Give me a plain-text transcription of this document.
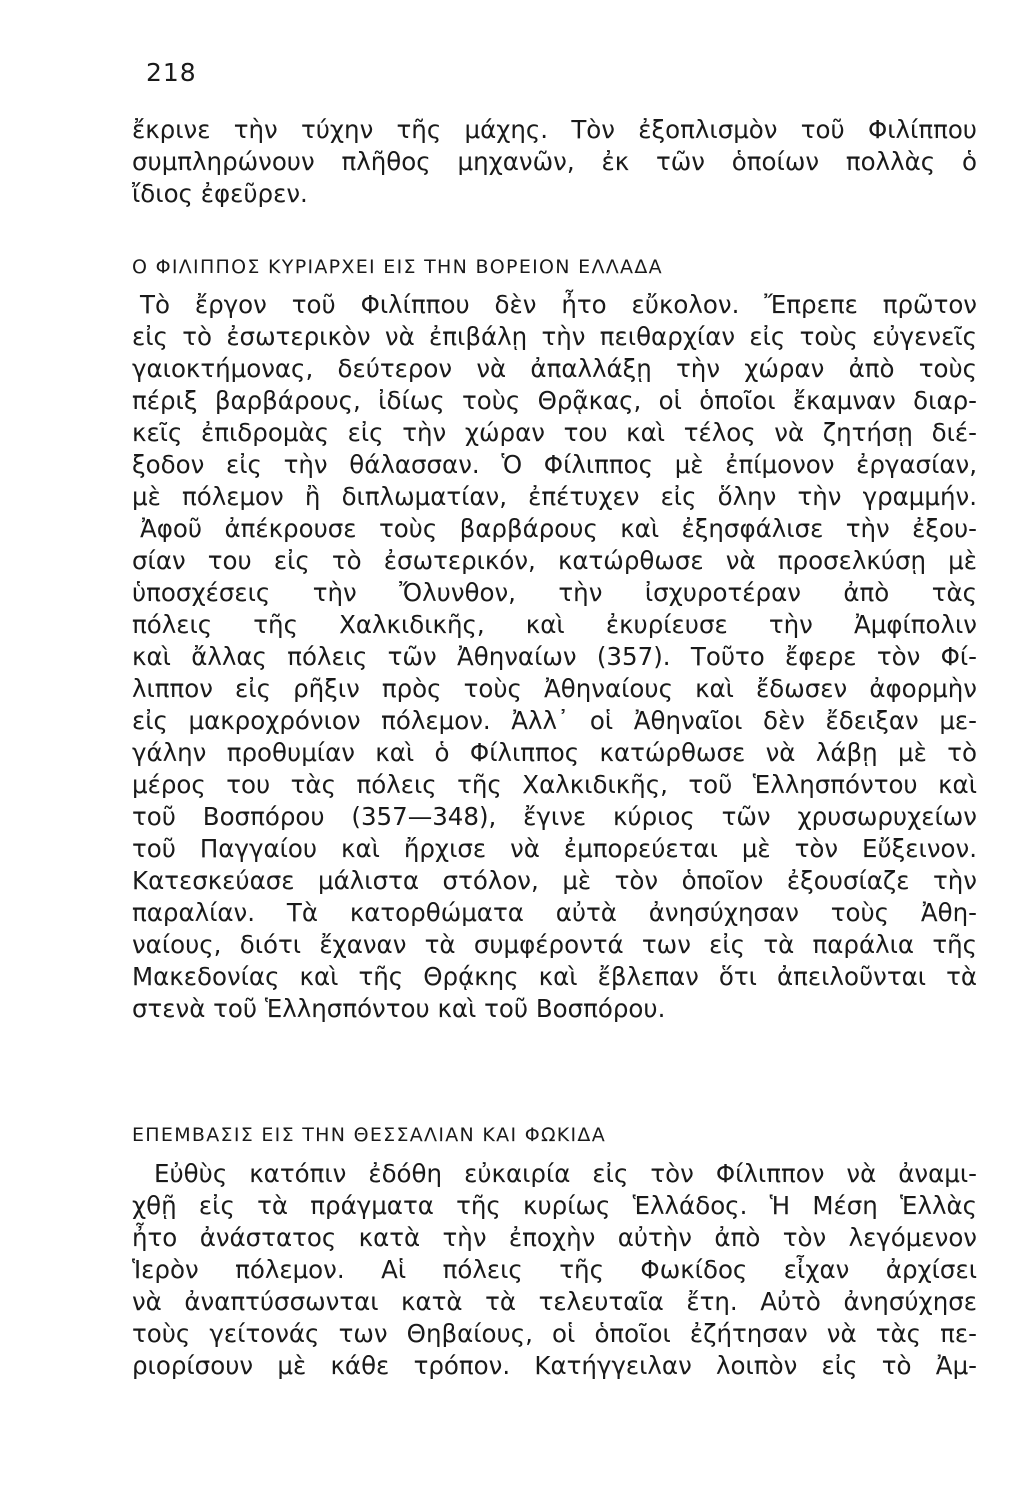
218
ἔκρινε τὴν τύχην τῆς μάχης. Τὸν ἐξοπλισμὸν τοῦ Φιλίππου
συμπληρώνουν πλῆθος μηχανῶν, ἐκ τῶν ὁποίων πολλὰς ὁ
ἴδιος ἐφεῦρεν.
Ο ΦΙΛΙΠΠΟΣ ΚΥΡΙΑΡΧΕΙ ΕΙΣ ΤΗΝ ΒΟΡΕΙΟΝ ΕΛΛΑΔΑ
Τὸ ἔργον τοῦ Φιλίππου δὲν ἦτο εὔκολον. Ἔπρεπε πρῶτον
εἰς τὸ ἐσωτερικὸν νὰ ἐπιβάλῃ τὴν πειθαρχίαν εἰς τοὺς εὐγενεῖς
γαιοκτήμονας, δεύτερον νὰ ἀπαλλάξῃ τὴν χώραν ἀπὸ τοὺς
πέριξ βαρβάρους, ἰδίως τοὺς Θρᾷκας, οἱ ὁποῖοι ἔκαμναν διαρ-
κεῖς ἐπιδρομὰς εἰς τὴν χώραν του καὶ τέλος νὰ ζητήσῃ διέ-
ξοδον εἰς τὴν θάλασσαν. Ὁ Φίλιππος μὲ ἐπίμονον ἐργασίαν,
μὲ πόλεμον ἢ διπλωματίαν, ἐπέτυχεν εἰς ὅλην τὴν γραμμήν.
Ἀφοῦ ἀπέκρουσε τοὺς βαρβάρους καὶ ἐξησφάλισε τὴν ἐξου-
σίαν του εἰς τὸ ἐσωτερικόν, κατώρθωσε νὰ προσελκύσῃ μὲ
ὑποσχέσεις τὴν Ὄλυνθον, τὴν ἰσχυροτέραν ἀπὸ τὰς
πόλεις τῆς Χαλκιδικῆς, καὶ ἐκυρίευσε τὴν Ἀμφίπολιν
καὶ ἄλλας πόλεις τῶν Ἀθηναίων (357). Τοῦτο ἔφερε τὸν Φί-
λιππον εἰς ρῆξιν πρὸς τοὺς Ἀθηναίους καὶ ἔδωσεν ἀφορμὴν
εἰς μακροχρόνιον πόλεμον. Ἀλλ᾽ οἱ Ἀθηναῖοι δὲν ἔδειξαν με-
γάλην προθυμίαν καὶ ὁ Φίλιππος κατώρθωσε νὰ λάβῃ μὲ τὸ
μέρος του τὰς πόλεις τῆς Χαλκιδικῆς, τοῦ Ἑλλησπόντου καὶ
τοῦ Βοσπόρου (357—348), ἔγινε κύριος τῶν χρυσωρυχείων
τοῦ Παγγαίου καὶ ἤρχισε νὰ ἐμπορεύεται μὲ τὸν Εὔξεινον.
Κατεσκεύασε μάλιστα στόλον, μὲ τὸν ὁποῖον ἐξουσίαζε τὴν
παραλίαν. Τὰ κατορθώματα αὐτὰ ἀνησύχησαν τοὺς Ἀθη-
ναίους, διότι ἔχαναν τὰ συμφέροντά των εἰς τὰ παράλια τῆς
Μακεδονίας καὶ τῆς Θρᾴκης καὶ ἔβλεπαν ὅτι ἀπειλοῦνται τὰ
στενὰ τοῦ Ἑλλησπόντου καὶ τοῦ Βοσπόρου.
ΕΠΕΜΒΑΣΙΣ ΕΙΣ ΤΗΝ ΘΕΣΣΑΛΙΑΝ ΚΑΙ ΦΩΚΙΔΑ
Εὐθὺς κατόπιν ἐδόθη εὐκαιρία εἰς τὸν Φίλιππον νὰ ἀναμι-
χθῇ εἰς τὰ πράγματα τῆς κυρίως Ἑλλάδος. Ἡ Μέση Ἑλλὰς
ἦτο ἀνάστατος κατὰ τὴν ἐποχὴν αὐτὴν ἀπὸ τὸν λεγόμενον
Ἱερὸν πόλεμον. Αἱ πόλεις τῆς Φωκίδος εἶχαν ἀρχίσει
νὰ ἀναπτύσσωνται κατὰ τὰ τελευταῖα ἔτη. Αὐτὸ ἀνησύχησε
τοὺς γείτονάς των Θηβαίους, οἱ ὁποῖοι ἐζήτησαν νὰ τὰς πε-
ριορίσουν μὲ κάθε τρόπον. Κατήγγειλαν λοιπὸν εἰς τὸ Ἀμ-
